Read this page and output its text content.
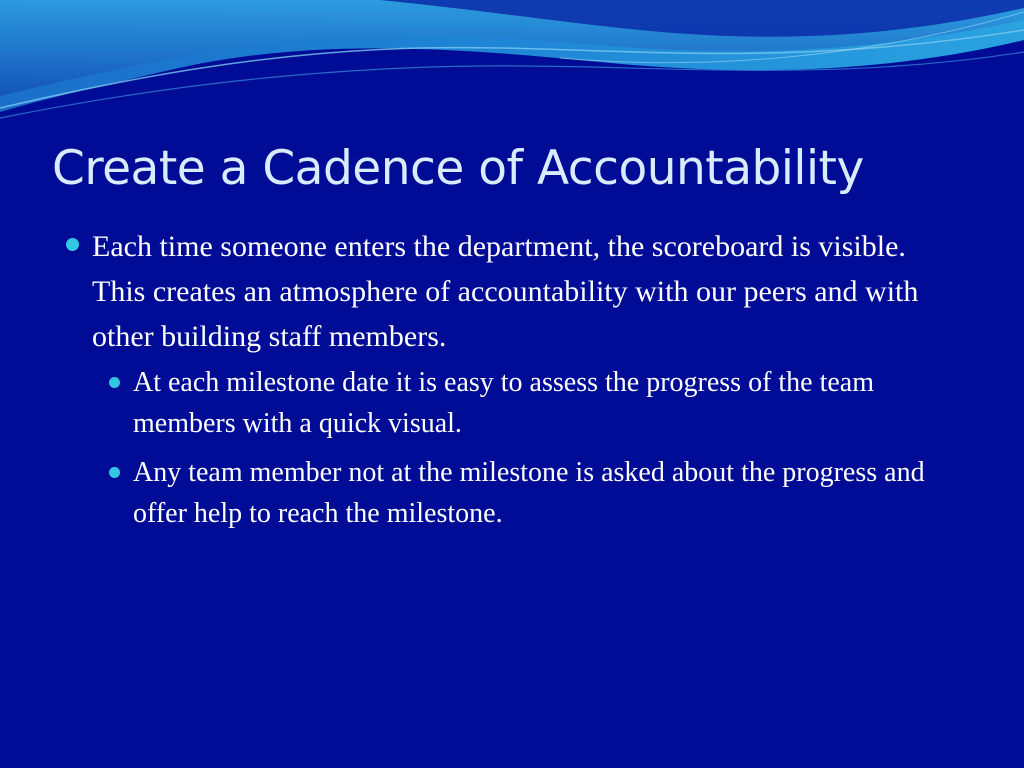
Create a Cadence of Accountability
Each time someone enters the department, the scoreboard is visible. This creates an atmosphere of accountability with our peers and with other building staff members.
At each milestone date it is easy to assess the progress of the team members with a quick visual.
Any team member not at the milestone is asked about the progress and offer help to reach the milestone.
